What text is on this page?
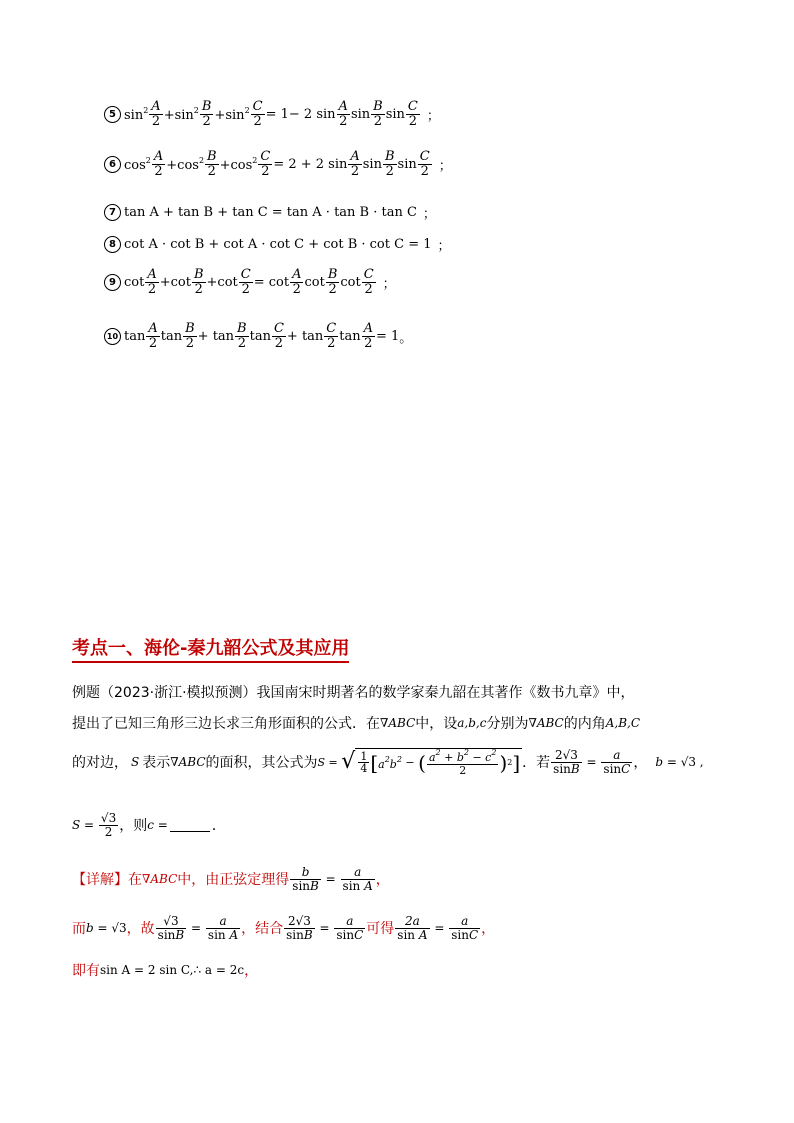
5 $\sin^2 A$
$2 +\sin^2$ B
$2 +\sin^2 \frac{C}{2} = 1- 2$ sin
A
2 sin
B
2 sin
C
2 ；
6 $\cos^2 A$
$2 +\cos^2$ B
$2 +\cos^2 \frac{C}{2} = 2 + 2$ sin
A
2 sin
B
2 sin
C
2 ；
7 tan A + tan B + tan C = tan A · tan B · tan C ；
8 cot A · cot B + cot A · cot C + cot B · cot C = 1 ；
9 cot
A
2 +cot
B
$2 +\cot \frac{C}{2} = \cot$
A
2 cot
B
2 cot
C
2 ；
10 tan
A
2 tan
B
2 + tan
B
2 tan
C
2 + tan
C
2 $\tan \frac{A}{2} = 1$ 。
考点一、海伦-秦九韶公式及其应用
例题（2023·浙江·模拟预测）我国南宋时期著名的数学家秦九韶在其著作《数书九章》中，
提出了已知三角形三边长求三角形面积的公式．在 ∇ABC 中，设 a,b,c 分别为 ∇ABC 的内角 A,B,C
的对边， S 表示 ∇ABC 的面积，其公式为 S = √ 1
4 [ $a^2b^2$ − ( $a^2 + b^2 - c^2$
2	) 2 ] ．若
2√3
sinB =
a
sinC ， b = √3 ,
S =
√3
2 ，则 c =	．
【详解】 在 ∇ABC 中，由正弦定理得
b
sinB =
a
sin A ，
而 b = √3 ，故
√3
sinB =
a
sin A ，结合
2√3
sinB =
a
sinC 可得
2a
sin A =
a
sinC ，
即有 sin A = 2 sin C,∴ a = 2c ，
